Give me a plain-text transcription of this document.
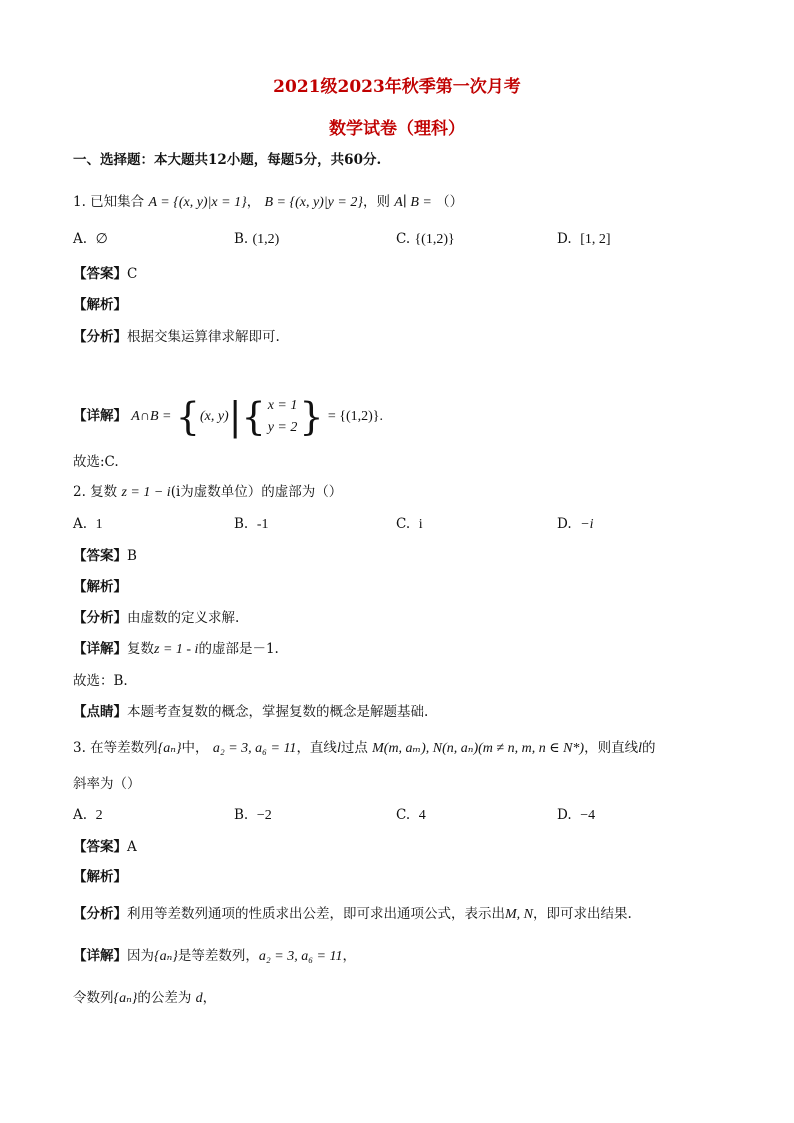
2021级2023年秋季第一次月考
数学试卷（理科）
一、选择题：本大题共12小题，每题5分，共60分.
1. 已知集合 A = {(x, y)|x = 1}， B = {(x, y)|y = 2}，则 A∣ B = （）
A. ∅	B. (1,2)	C. {(1,2)}	D. [1, 2]
【答案】C
【解析】
【分析】根据交集运算律求解即可.
【详解】 A∩B = {(x, y)|{ x = 1
y = 2 } = {(1,2)}.
故选:C.
2. 复数 z = 1 − i(i为虚数单位）的虚部为（）
A. 1	B. -1	C. i	D. −i
【答案】B
【解析】
【分析】由虚数的定义求解.
【详解】复数z = 1 - i的虚部是－1.
故选：B.
【点睛】本题考查复数的概念，掌握复数的概念是解题基础.
3. 在等差数列{aₙ}中， a₂ = 3, a₆ = 11，直线l过点 M(m, aₘ), N(n, aₙ)(m ≠ n, m, n ∈ N*)，则直线l的
斜率为（）
A. 2	B. −2	C. 4	D. −4
【答案】A
【解析】
【分析】利用等差数列通项的性质求出公差，即可求出通项公式，表示出M, N，即可求出结果.
【详解】因为{aₙ}是等差数列，a₂ = 3, a₆ = 11，
令数列{aₙ}的公差为 d，
